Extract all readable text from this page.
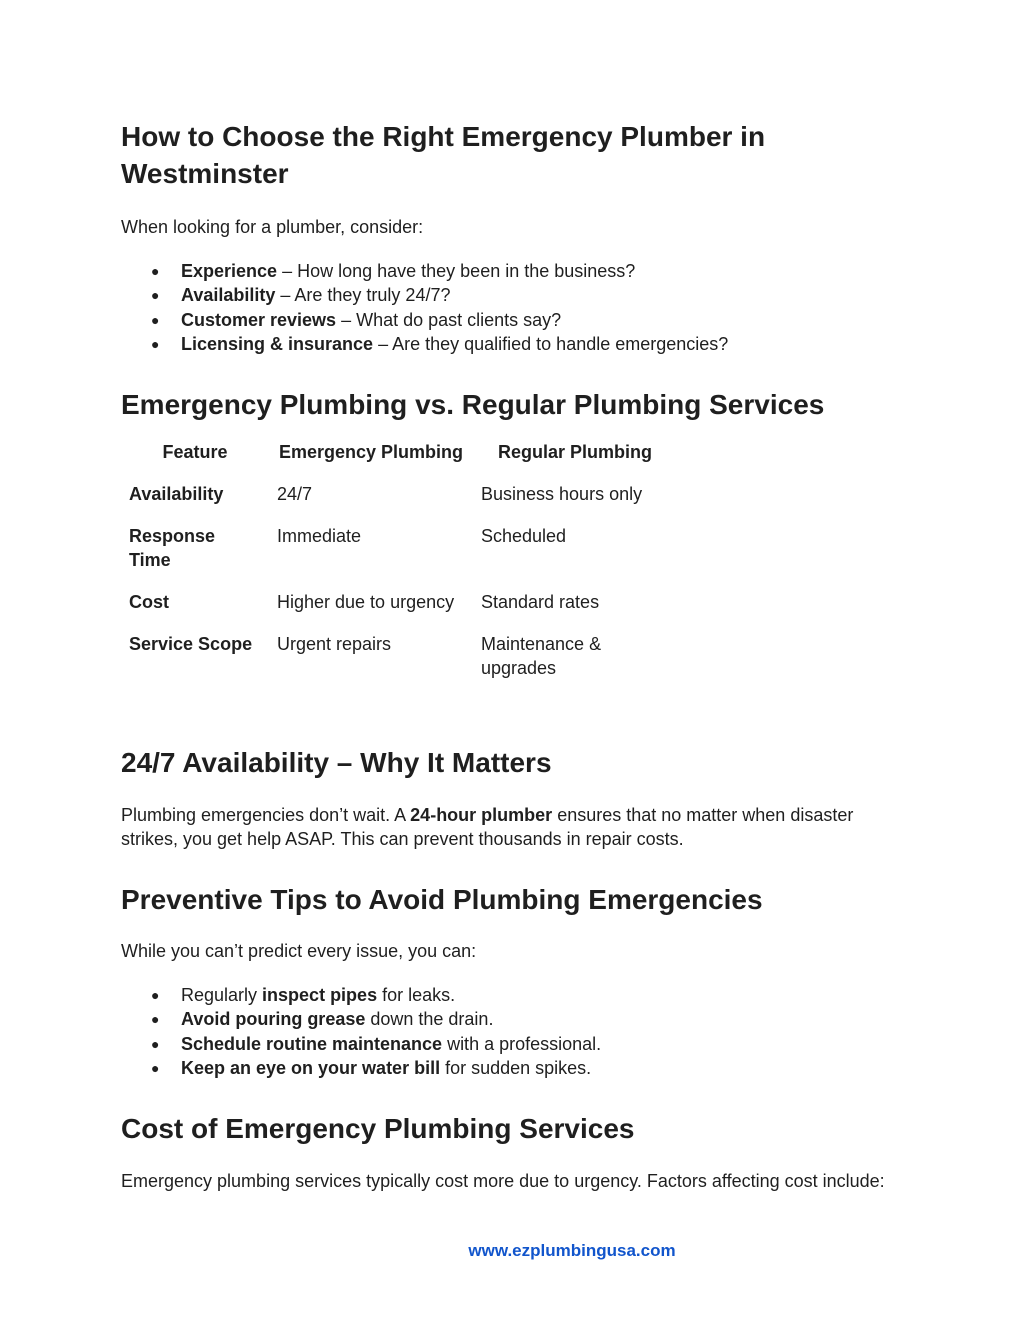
How to Choose the Right Emergency Plumber in Westminster

When looking for a plumber, consider:

● Experience – How long have they been in the business?
● Availability – Are they truly 24/7?
● Customer reviews – What do past clients say?
● Licensing & insurance – Are they qualified to handle emergencies?
Emergency Plumbing vs. Regular Plumbing Services
Feature	Emergency Plumbing	Regular Plumbing
Availability	24/7	Business hours only
Response Time	Immediate	Scheduled
Cost	Higher due to urgency	Standard rates
Service Scope	Urgent repairs	Maintenance & upgrades
24/7 Availability – Why It Matters

Plumbing emergencies don’t wait. A 24-hour plumber ensures that no matter when disaster strikes, you get help ASAP. This can prevent thousands in repair costs.

Preventive Tips to Avoid Plumbing Emergencies

While you can’t predict every issue, you can:

● Regularly inspect pipes for leaks.
● Avoid pouring grease down the drain.
● Schedule routine maintenance with a professional.
● Keep an eye on your water bill for sudden spikes.
Cost of Emergency Plumbing Services

Emergency plumbing services typically cost more due to urgency. Factors affecting cost include:

www.ezplumbingusa.com
